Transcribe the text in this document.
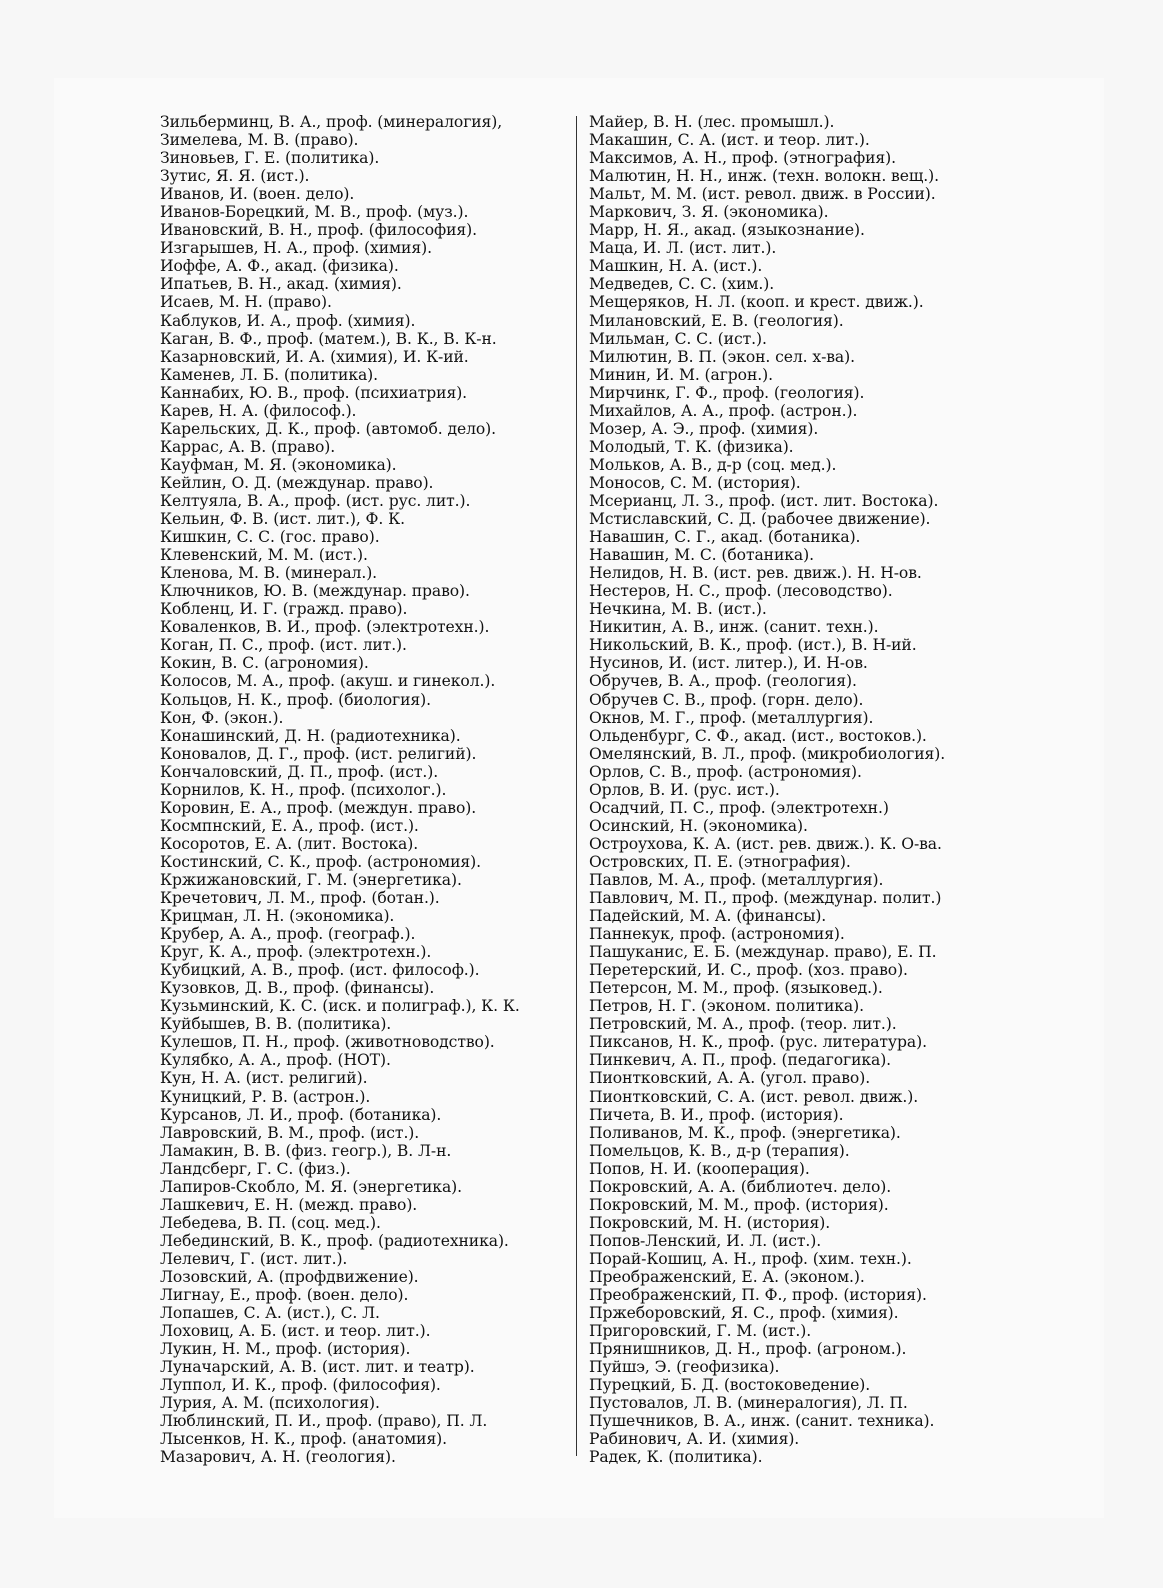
Зильберминц, В. А., проф. (минералогия),
Зимелева, М. В. (право).
Зиновьев, Г. Е. (политика).
Зутис, Я. Я. (ист.).
Иванов, И. (воен. дело).
Иванов-Борецкий, М. В., проф. (муз.).
Ивановский, В. Н., проф. (философия).
Изгарышев, Н. А., проф. (химия).
Иоффе, А. Ф., акад. (физика).
Ипатьев, В. Н., акад. (химия).
Исаев, М. Н. (право).
Каблуков, И. А., проф. (химия).
Каган, В. Ф., проф. (матем.), В. К., В. К-н.
Казарновский, И. А. (химия), И. К-ий.
Каменев, Л. Б. (политика).
Каннабих, Ю. В., проф. (психиатрия).
Карев, Н. А. (философ.).
Карельских, Д. К., проф. (автомоб. дело).
Каррас, А. В. (право).
Кауфман, М. Я. (экономика).
Кейлин, О. Д. (междунар. право).
Келтуяла, В. А., проф. (ист. рус. лит.).
Кельин, Ф. В. (ист. лит.), Ф. К.
Кишкин, С. С. (гос. право).
Клевенский, М. М. (ист.).
Кленова, М. В. (минерал.).
Ключников, Ю. В. (междунар. право).
Кобленц, И. Г. (гражд. право).
Коваленков, В. И., проф. (электротехн.).
Коган, П. С., проф. (ист. лит.).
Кокин, В. С. (агрономия).
Колосов, М. А., проф. (акуш. и гинекол.).
Кольцов, Н. К., проф. (биология).
Кон, Ф. (экон.).
Конашинский, Д. Н. (радиотехника).
Коновалов, Д. Г., проф. (ист. религий).
Кончаловский, Д. П., проф. (ист.).
Корнилов, К. Н., проф. (психолог.).
Коровин, Е. А., проф. (междун. право).
Космпнский, Е. А., проф. (ист.).
Косоротов, Е. А. (лит. Востока).
Костинский, С. К., проф. (астрономия).
Кржижановский, Г. М. (энергетика).
Кречетович, Л. М., проф. (ботан.).
Крицман, Л. Н. (экономика).
Крубер, А. А., проф. (географ.).
Круг, К. А., проф. (электротехн.).
Кубицкий, А. В., проф. (ист. философ.).
Кузовков, Д. В., проф. (финансы).
Кузьминский, К. С. (иск. и полиграф.), К. К.
Куйбышев, В. В. (политика).
Кулешов, П. Н., проф. (животноводство).
Кулябко, А. А., проф. (НОТ).
Кун, Н. А. (ист. религий).
Куницкий, Р. В. (астрон.).
Курсанов, Л. И., проф. (ботаника).
Лавровский, В. М., проф. (ист.).
Ламакин, В. В. (физ. геогр.), В. Л-н.
Ландсберг, Г. С. (физ.).
Лапиров-Скобло, М. Я. (энергетика).
Лашкевич, Е. Н. (межд. право).
Лебедева, В. П. (соц. мед.).
Лебединский, В. К., проф. (радиотехника).
Лелевич, Г. (ист. лит.).
Лозовский, А. (профдвижение).
Лигнау, Е., проф. (воен. дело).
Лопашев, С. А. (ист.), С. Л.
Лоховиц, А. Б. (ист. и теор. лит.).
Лукин, Н. М., проф. (история).
Луначарский, А. В. (ист. лит. и театр).
Луппол, И. К., проф. (философия).
Лурия, А. М. (психология).
Люблинский, П. И., проф. (право), П. Л.
Лысенков, Н. К., проф. (анатомия).
Мазарович, А. Н. (геология).
Майер, В. Н. (лес. промышл.).
Макашин, С. А. (ист. и теор. лит.).
Максимов, А. Н., проф. (этнография).
Малютин, Н. Н., инж. (техн. волокн. вещ.).
Мальт, М. М. (ист. револ. движ. в России).
Маркович, З. Я. (экономика).
Марр, Н. Я., акад. (языкознание).
Маца, И. Л. (ист. лит.).
Машкин, Н. А. (ист.).
Медведев, С. С. (хим.).
Мещеряков, Н. Л. (кооп. и крест. движ.).
Милановский, Е. В. (геология).
Мильман, С. С. (ист.).
Милютин, В. П. (экон. сел. х-ва).
Минин, И. М. (агрон.).
Мирчинк, Г. Ф., проф. (геология).
Михайлов, А. А., проф. (астрон.).
Мозер, А. Э., проф. (химия).
Молодый, Т. К. (физика).
Мольков, А. В., д-р (соц. мед.).
Моносов, С. М. (история).
Мсерианц, Л. З., проф. (ист. лит. Востока).
Мстиславский, С. Д. (рабочее движение).
Навашин, С. Г., акад. (ботаника).
Навашин, М. С. (ботаника).
Нелидов, Н. В. (ист. рев. движ.). Н. Н-ов.
Нестеров, Н. С., проф. (лесоводство).
Нечкина, М. В. (ист.).
Никитин, А. В., инж. (санит. техн.).
Никольский, В. К., проф. (ист.), В. Н-ий.
Нусинов, И. (ист. литер.), И. Н-ов.
Обручев, В. А., проф. (геология).
Обручев С. В., проф. (горн. дело).
Окнов, М. Г., проф. (металлургия).
Ольденбург, С. Ф., акад. (ист., востоков.).
Омелянский, В. Л., проф. (микробиология).
Орлов, С. В., проф. (астрономия).
Орлов, В. И. (рус. ист.).
Осадчий, П. С., проф. (электротехн.)
Осинский, Н. (экономика).
Остроухова, К. А. (ист. рев. движ.). К. О-ва.
Островских, П. Е. (этнография).
Павлов, М. А., проф. (металлургия).
Павлович, М. П., проф. (междунар. полит.)
Падейский, М. А. (финансы).
Паннекук, проф. (астрономия).
Пашуканис, Е. Б. (междунар. право), Е. П.
Перетерский, И. С., проф. (хоз. право).
Петерсон, М. М., проф. (языковед.).
Петров, Н. Г. (эконом. политика).
Петровский, М. А., проф. (теор. лит.).
Пиксанов, Н. К., проф. (рус. литература).
Пинкевич, А. П., проф. (педагогика).
Пионтковский, А. А. (угол. право).
Пионтковский, С. А. (ист. револ. движ.).
Пичета, В. И., проф. (история).
Поливанов, М. К., проф. (энергетика).
Помельцов, К. В., д-р (терапия).
Попов, Н. И. (кооперация).
Покровский, А. А. (библиотеч. дело).
Покровский, М. М., проф. (история).
Покровский, М. Н. (история).
Попов-Ленский, И. Л. (ист.).
Порай-Кошиц, А. Н., проф. (хим. техн.).
Преображенский, Е. А. (эконом.).
Преображенский, П. Ф., проф. (история).
Пржеборовский, Я. С., проф. (химия).
Пригоровский, Г. М. (ист.).
Прянишников, Д. Н., проф. (агроном.).
Пуйшэ, Э. (геофизика).
Пурецкий, Б. Д. (востоковедение).
Пустовалов, Л. В. (минералогия), Л. П.
Пушечников, В. А., инж. (санит. техника).
Рабинович, А. И. (химия).
Радек, К. (политика).
